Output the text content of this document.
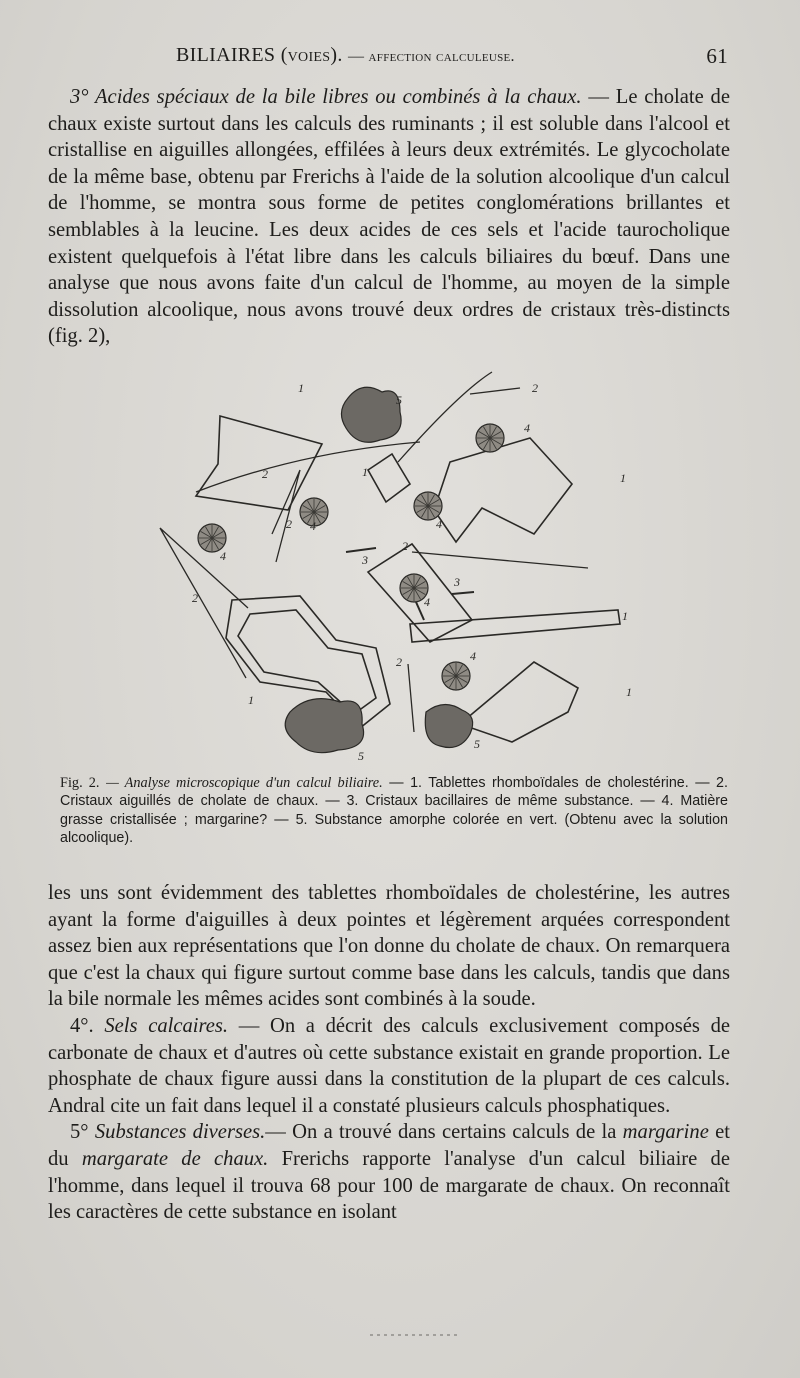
BILIAIRES (voies). — affection calculeuse.	61

3° Acides spéciaux de la bile libres ou combinés à la chaux. — Le cholate de chaux existe surtout dans les calculs des ruminants ; il est soluble dans l'alcool et cristallise en aiguilles allongées, effilées à leurs deux extrémités. Le glycocholate de la même base, obtenu par Frerichs à l'aide de la solution alcoolique d'un calcul de l'homme, se montra sous forme de petites conglomérations brillantes et semblables à la leucine. Les deux acides de ces sels et l'acide taurocholique existent quelquefois à l'état libre dans les calculs biliaires du bœuf. Dans une analyse que nous avons faite d'un calcul de l'homme, au moyen de la simple dissolution alcoolique, nous avons trouvé deux ordres de cristaux très-distincts (fig. 2),

1
1	1
1
1
1
2
2
2
2
2
2
3
3
4
4	4
4
4
4
5
5
5
Fig. 2. — Analyse microscopique d'un calcul biliaire. — 1. Tablettes rhomboïdales de cholestérine. — 2. Cristaux aiguillés de cholate de chaux. — 3. Cristaux bacillaires de même substance. — 4. Matière grasse cristallisée ; margarine? — 5. Substance amorphe colorée en vert. (Obtenu avec la solution alcoolique).

les uns sont évidemment des tablettes rhomboïdales de cholestérine, les autres ayant la forme d'aiguilles à deux pointes et légèrement arquées correspondent assez bien aux représentations que l'on donne du cholate de chaux. On remarquera que c'est la chaux qui figure surtout comme base dans les calculs, tandis que dans la bile normale les mêmes acides sont combinés à la soude.

4°. Sels calcaires. — On a décrit des calculs exclusivement composés de carbonate de chaux et d'autres où cette substance existait en grande proportion. Le phosphate de chaux figure aussi dans la constitution de la plupart de ces calculs. Andral cite un fait dans lequel il a constaté plusieurs calculs phosphatiques.

5° Substances diverses.— On a trouvé dans certains calculs de la margarine et du margarate de chaux. Frerichs rapporte l'analyse d'un calcul biliaire de l'homme, dans lequel il trouva 68 pour 100 de margarate de chaux. On reconnaît les caractères de cette substance en isolant
